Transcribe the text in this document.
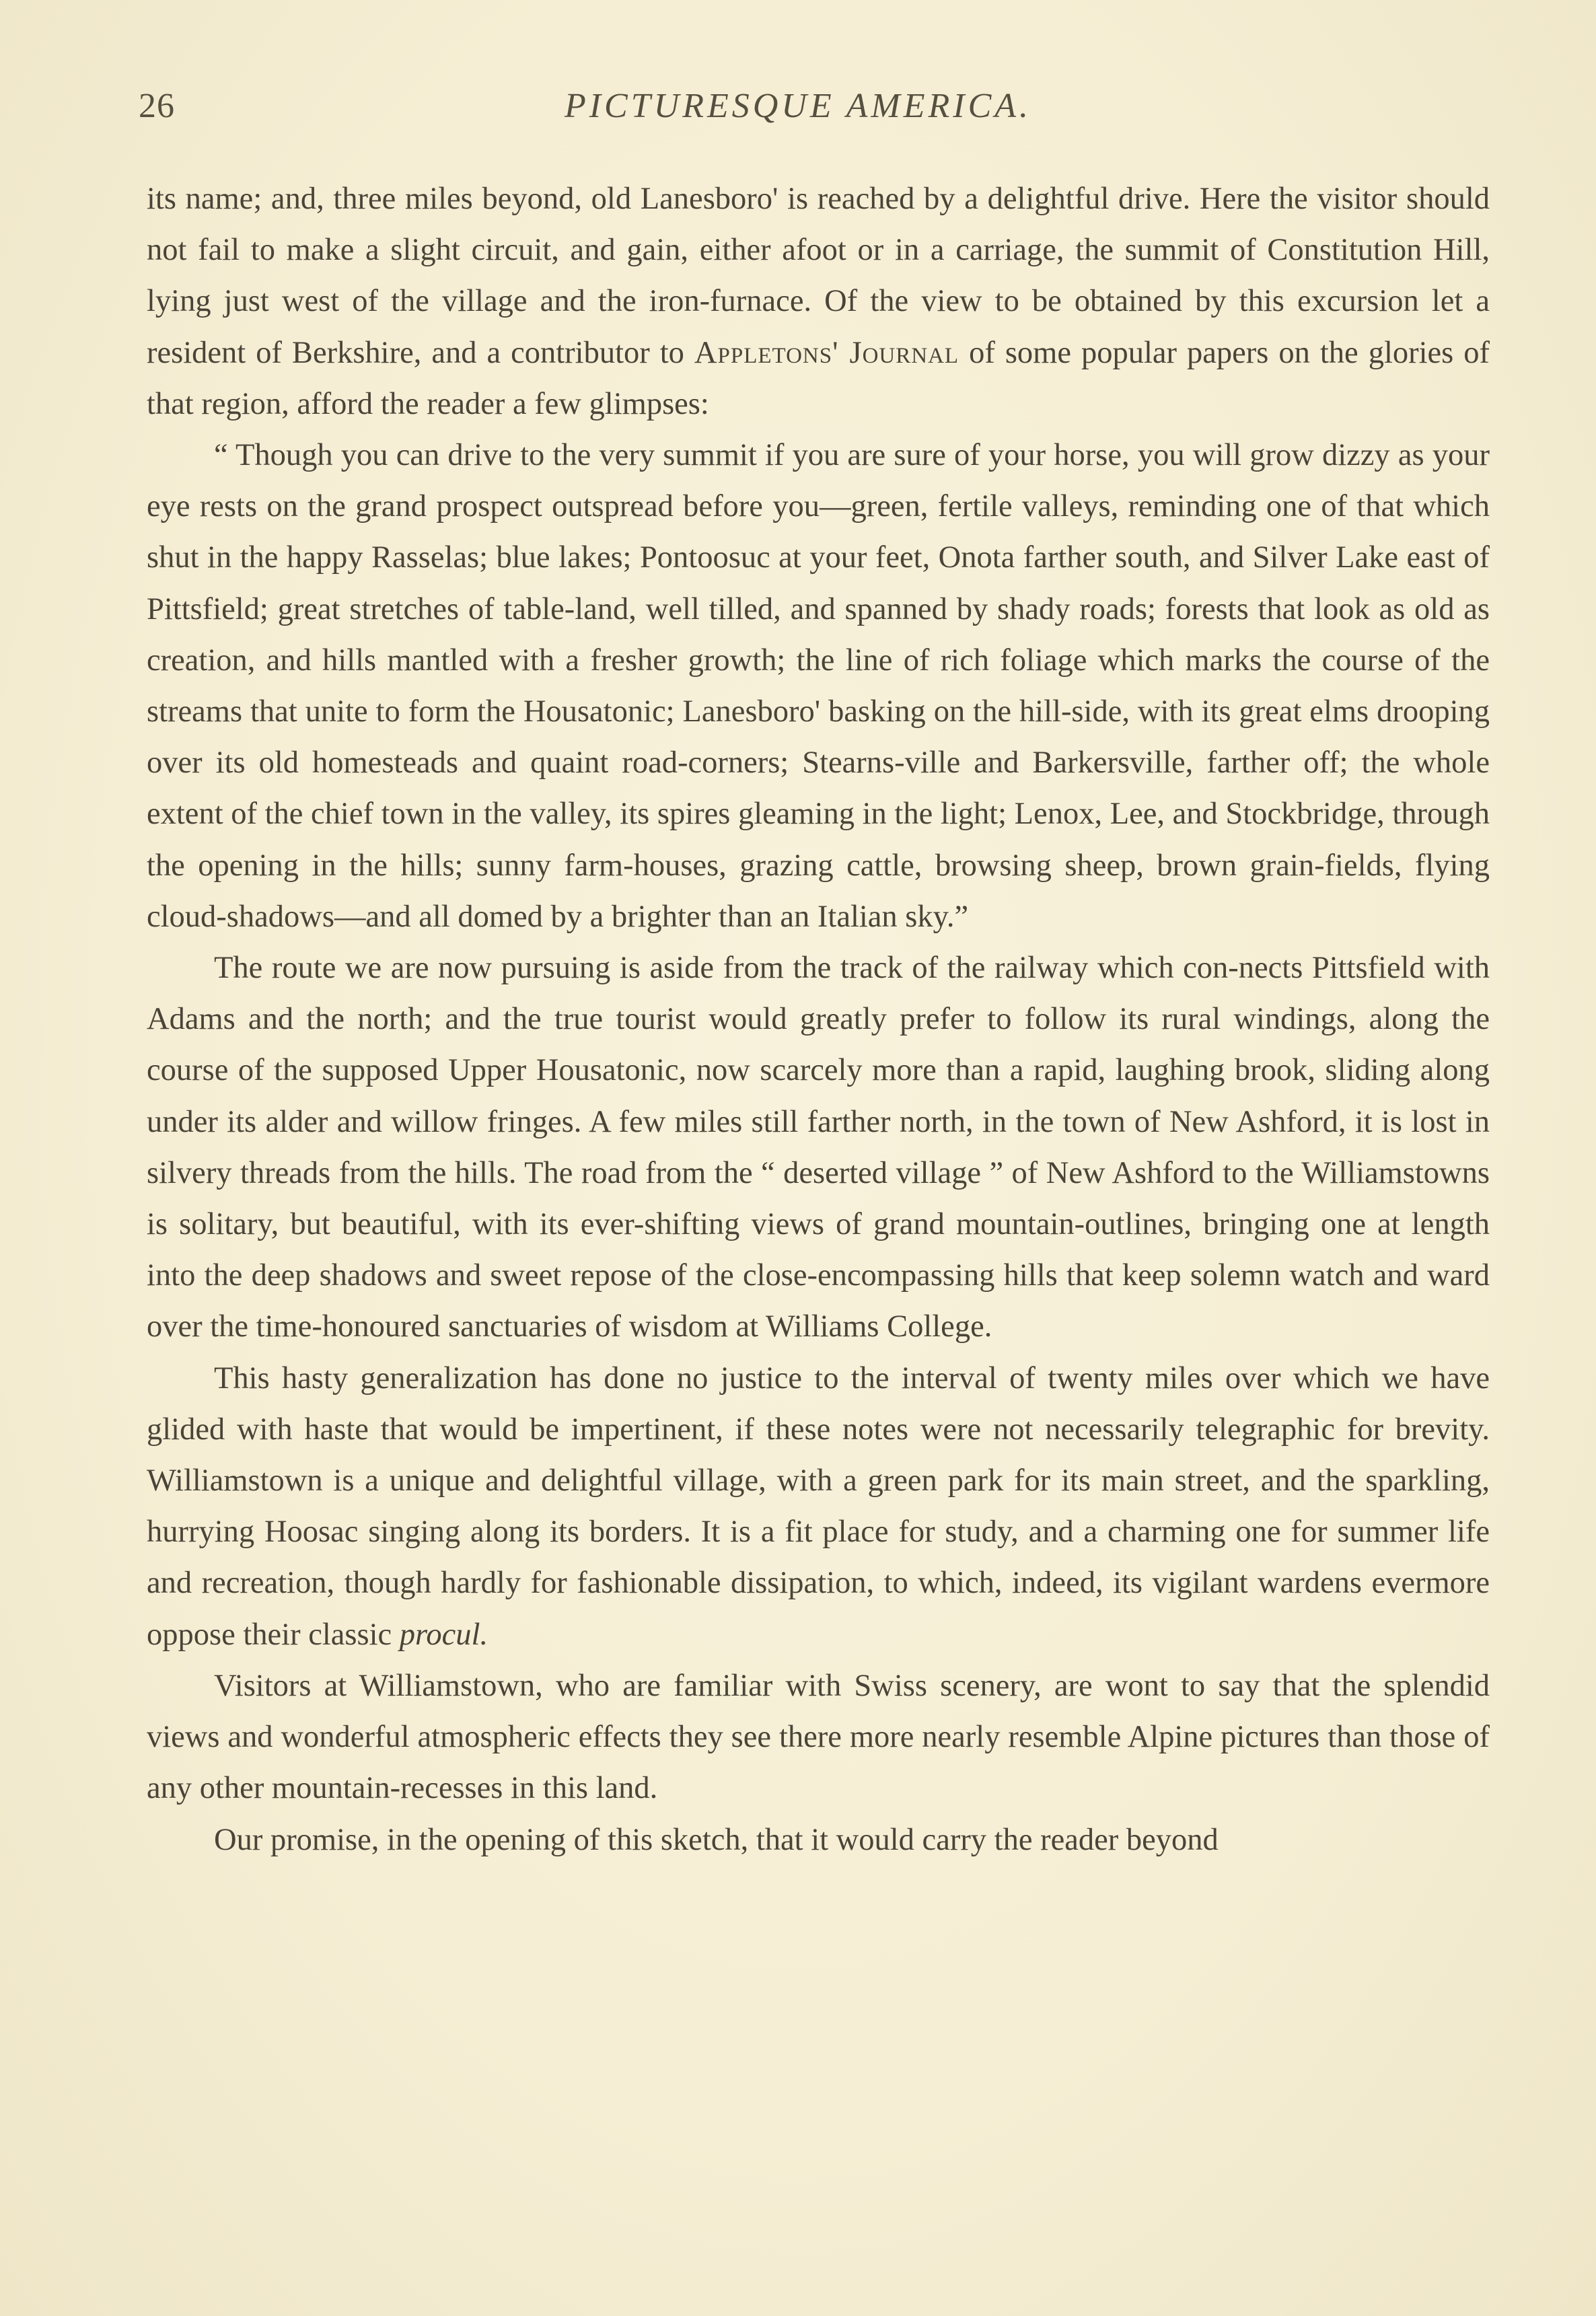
26	PICTURESQUE AMERICA.

its name; and, three miles beyond, old Lanesboro' is reached by a delightful drive. Here the visitor should not fail to make a slight circuit, and gain, either afoot or in a carriage, the summit of Constitution Hill, lying just west of the village and the iron-furnace. Of the view to be obtained by this excursion let a resident of Berkshire, and a contributor to Appletons' Journal of some popular papers on the glories of that region, afford the reader a few glimpses:

“ Though you can drive to the very summit if you are sure of your horse, you will grow dizzy as your eye rests on the grand prospect outspread before you—green, fertile valleys, reminding one of that which shut in the happy Rasselas; blue lakes; Pontoosuc at your feet, Onota farther south, and Silver Lake east of Pittsfield; great stretches of table-land, well tilled, and spanned by shady roads; forests that look as old as creation, and hills mantled with a fresher growth; the line of rich foliage which marks the course of the streams that unite to form the Housatonic; Lanesboro' basking on the hill-side, with its great elms drooping over its old homesteads and quaint road-corners; Stearns-ville and Barkersville, farther off; the whole extent of the chief town in the valley, its spires gleaming in the light; Lenox, Lee, and Stockbridge, through the opening in the hills; sunny farm-houses, grazing cattle, browsing sheep, brown grain-fields, flying cloud-shadows—and all domed by a brighter than an Italian sky.”

The route we are now pursuing is aside from the track of the railway which con-nects Pittsfield with Adams and the north; and the true tourist would greatly prefer to follow its rural windings, along the course of the supposed Upper Housatonic, now scarcely more than a rapid, laughing brook, sliding along under its alder and willow fringes. A few miles still farther north, in the town of New Ashford, it is lost in silvery threads from the hills. The road from the “ deserted village ” of New Ashford to the Williamstowns is solitary, but beautiful, with its ever-shifting views of grand mountain-outlines, bringing one at length into the deep shadows and sweet repose of the close-encompassing hills that keep solemn watch and ward over the time-honoured sanctuaries of wisdom at Williams College.

This hasty generalization has done no justice to the interval of twenty miles over which we have glided with haste that would be impertinent, if these notes were not necessarily telegraphic for brevity. Williamstown is a unique and delightful village, with a green park for its main street, and the sparkling, hurrying Hoosac singing along its borders. It is a fit place for study, and a charming one for summer life and recreation, though hardly for fashionable dissipation, to which, indeed, its vigilant wardens evermore oppose their classic procul.

Visitors at Williamstown, who are familiar with Swiss scenery, are wont to say that the splendid views and wonderful atmospheric effects they see there more nearly resemble Alpine pictures than those of any other mountain-recesses in this land.

Our promise, in the opening of this sketch, that it would carry the reader beyond
